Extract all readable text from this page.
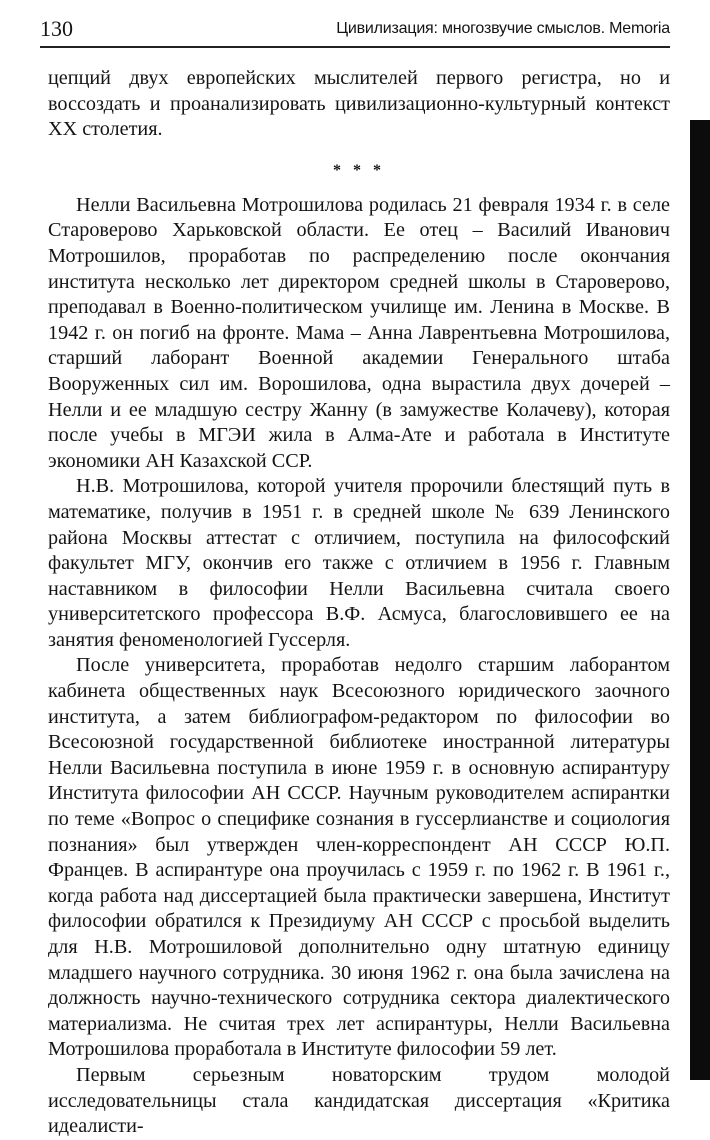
130	Цивилизация: многозвучие смыслов. Memoria

цепций двух европейских мыслителей первого регистра, но и воссоздать и проанализировать цивилизационно-культурный контекст XX столетия.

* * *

Нелли Васильевна Мотрошилова родилась 21 февраля 1934 г. в селе Староверово Харьковской области. Ее отец – Василий Иванович Мотрошилов, проработав по распределению после окончания института несколько лет директором средней школы в Староверово, преподавал в Военно-политическом училище им. Ленина в Москве. В 1942 г. он погиб на фронте. Мама – Анна Лаврентьевна Мотрошилова, старший лаборант Военной академии Генерального штаба Вооруженных сил им. Ворошилова, одна вырастила двух дочерей – Нелли и ее младшую сестру Жанну (в замужестве Колачеву), которая после учебы в МГЭИ жила в Алма-Ате и работала в Институте экономики АН Казахской ССР.

Н.В. Мотрошилова, которой учителя пророчили блестящий путь в математике, получив в 1951 г. в средней школе № 639 Ленинского района Москвы аттестат с отличием, поступила на философский факультет МГУ, окончив его также с отличием в 1956 г. Главным наставником в философии Нелли Васильевна считала своего университетского профессора В.Ф. Асмуса, благословившего ее на занятия феноменологией Гуссерля.

После университета, проработав недолго старшим лаборантом кабинета общественных наук Всесоюзного юридического заочного института, а затем библиографом-редактором по философии во Всесоюзной государственной библиотеке иностранной литературы Нелли Васильевна поступила в июне 1959 г. в основную аспирантуру Института философии АН СССР. Научным руководителем аспирантки по теме «Вопрос о специфике сознания в гуссерлианстве и социология познания» был утвержден член-корреспондент АН СССР Ю.П. Францев. В аспирантуре она проучилась с 1959 г. по 1962 г. В 1961 г., когда работа над диссертацией была практически завершена, Институт философии обратился к Президиуму АН СССР с просьбой выделить для Н.В. Мотрошиловой дополнительно одну штатную единицу младшего научного сотрудника. 30 июня 1962 г. она была зачислена на должность научно-технического сотрудника сектора диалектического материализма. Не считая трех лет аспирантуры, Нелли Васильевна Мотрошилова проработала в Институте философии 59 лет.

Первым серьезным новаторским трудом молодой исследовательницы стала кандидатская диссертация «Критика идеалисти-
